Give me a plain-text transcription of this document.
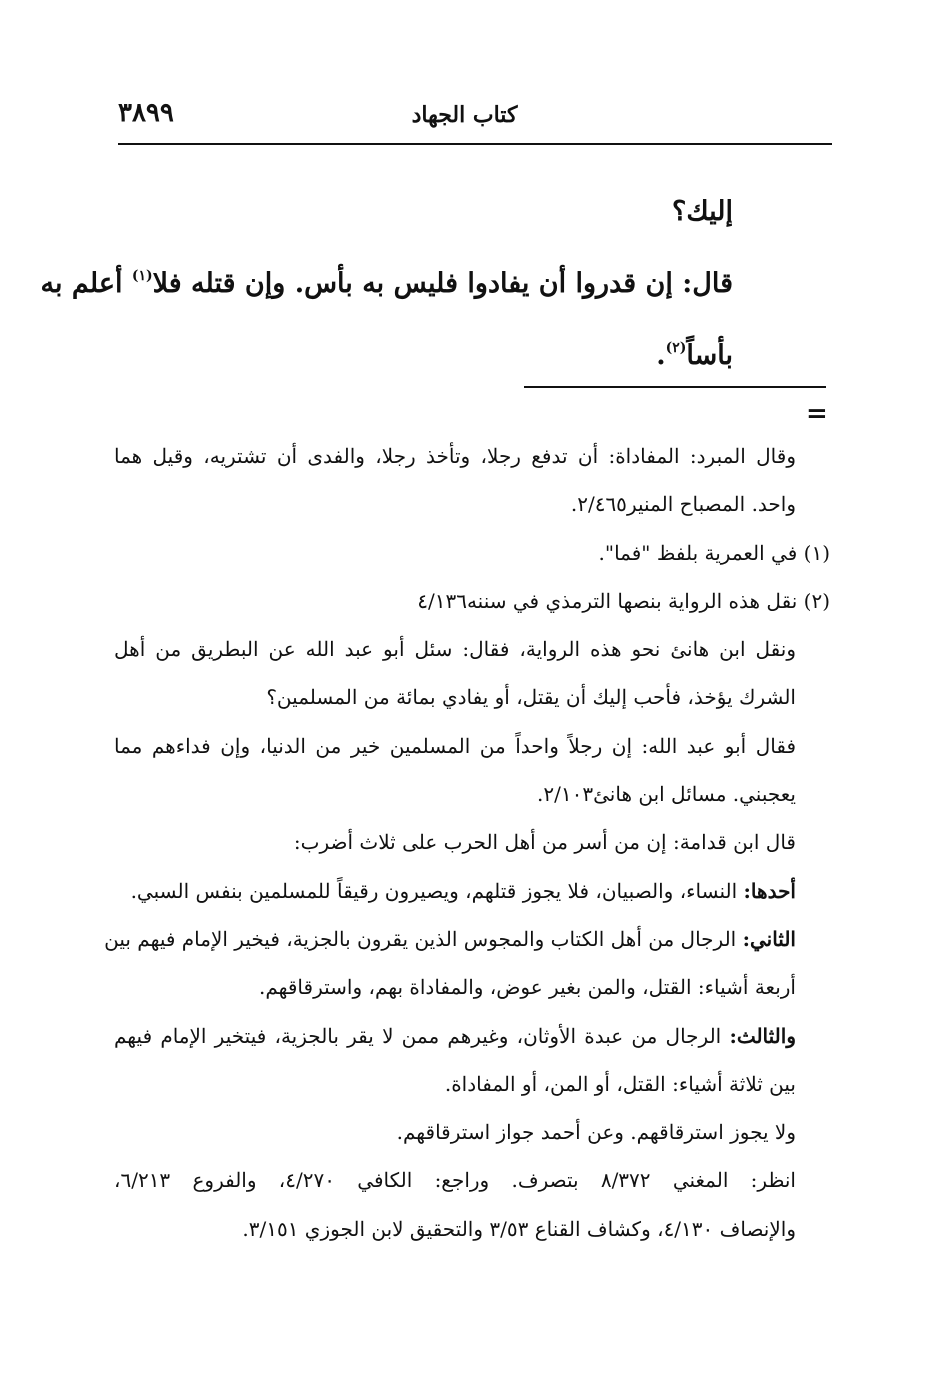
٣٨٩٩	كتاب الجهاد
إليك؟
قال: إن قدروا أن يفادوا فليس به بأس. وإن قتله فلا$^{(١)}$ أعلم به
بأساً$^{(٢)}$.
=
وقال المبرد: المفاداة: أن تدفع رجلا، وتأخذ رجلا، والفدى أن تشتريه، وقيل هما
واحد. المصباح المنير٢/٤٦٥.
(١) في العمرية بلفظ "فما".
(٢) نقل هذه الرواية بنصها الترمذي في سننه٤/١٣٦
ونقل ابن هانئ نحو هذه الرواية، فقال: سئل أبو عبد الله عن البطريق من أهل
الشرك يؤخذ، فأحب إليك أن يقتل، أو يفادي بمائة من المسلمين؟
فقال أبو عبد الله: إن رجلاً واحداً من المسلمين خير من الدنيا، وإن فداءهم مما
يعجبني. مسائل ابن هانئ٢/١٠٣.
قال ابن قدامة: إن من أسر من أهل الحرب على ثلاث أضرب:
أحدها: النساء، والصبيان، فلا يجوز قتلهم، ويصيرون رقيقاً للمسلمين بنفس السبي.
الثاني: الرجال من أهل الكتاب والمجوس الذين يقرون بالجزية، فيخير الإمام فيهم بين
أربعة أشياء: القتل، والمن بغير عوض، والمفاداة بهم، واسترقاقهم.
والثالث: الرجال من عبدة الأوثان، وغيرهم ممن لا يقر بالجزية، فيتخير الإمام فيهم
بين ثلاثة أشياء: القتل، أو المن، أو المفاداة.
ولا يجوز استرقاقهم. وعن أحمد جواز استرقاقهم.
انظر: المغني ٨/٣٧٢ بتصرف. وراجع: الكافي ٤/٢٧٠، والفروع ٦/٢١٣،
والإنصاف ٤/١٣٠، وكشاف القناع ٣/٥٣ والتحقيق لابن الجوزي ٣/١٥١.
